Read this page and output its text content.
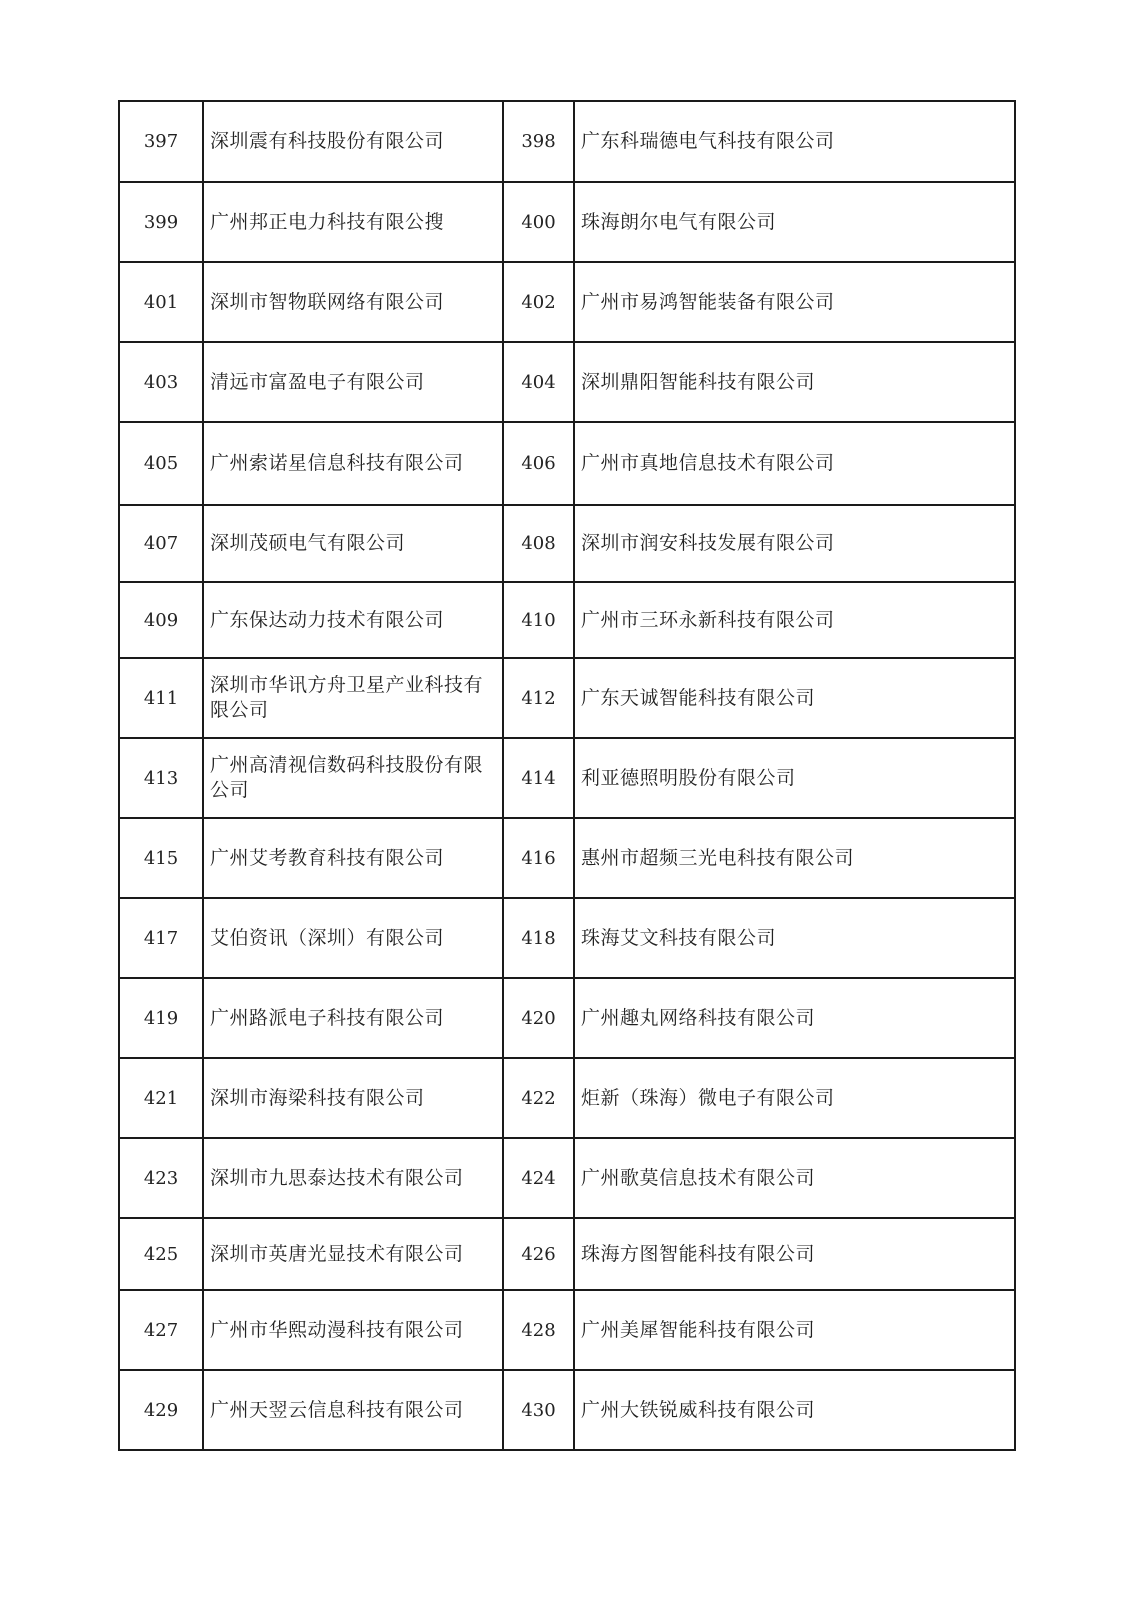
397	深圳震有科技股份有限公司	398	广东科瑞德电气科技有限公司
399	广州邦正电力科技有限公搜	400	珠海朗尔电气有限公司
401	深圳市智物联网络有限公司	402	广州市易鸿智能装备有限公司
403	清远市富盈电子有限公司	404	深圳鼎阳智能科技有限公司
405	广州索诺星信息科技有限公司	406	广州市真地信息技术有限公司
407	深圳茂硕电气有限公司	408	深圳市润安科技发展有限公司
409	广东保达动力技术有限公司	410	广州市三环永新科技有限公司
411	深圳市华讯方舟卫星产业科技有限公司	412	广东天诚智能科技有限公司
413	广州高清视信数码科技股份有限公司	414	利亚德照明股份有限公司
415	广州艾考教育科技有限公司	416	惠州市超频三光电科技有限公司
417	艾伯资讯（深圳）有限公司	418	珠海艾文科技有限公司
419	广州路派电子科技有限公司	420	广州趣丸网络科技有限公司
421	深圳市海梁科技有限公司	422	炬新（珠海）微电子有限公司
423	深圳市九思泰达技术有限公司	424	广州歌莫信息技术有限公司
425	深圳市英唐光显技术有限公司	426	珠海方图智能科技有限公司
427	广州市华熙动漫科技有限公司	428	广州美犀智能科技有限公司
429	广州天翌云信息科技有限公司	430	广州大铁锐威科技有限公司
